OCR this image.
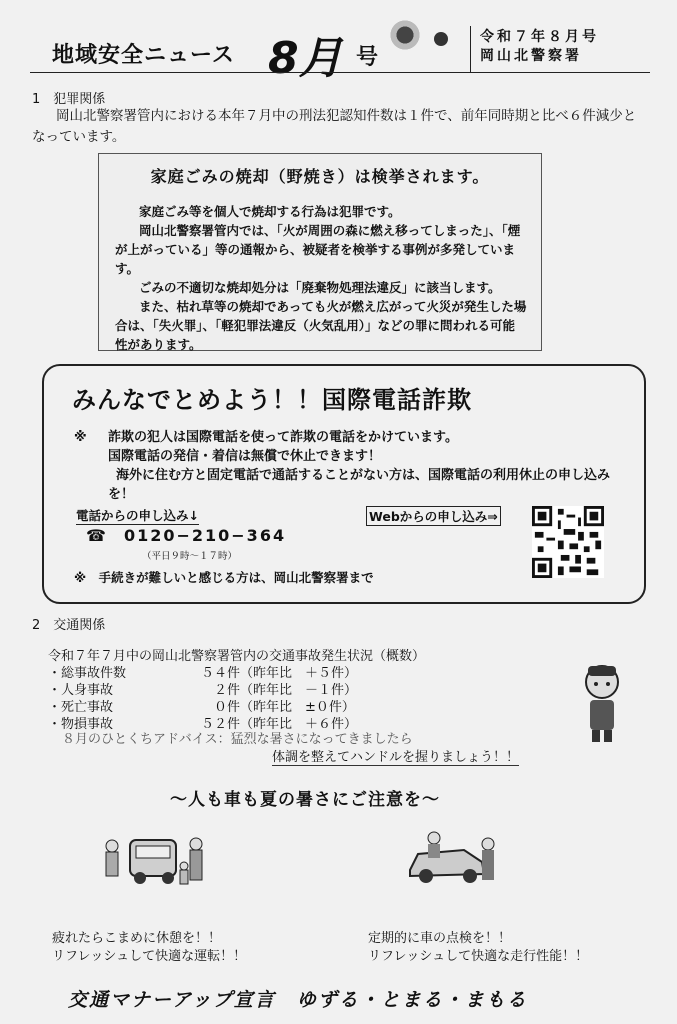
地域安全ニュース 8月 号
令和７年８月号
岡山北警察署
1　犯罪関係
岡山北警察署管内における本年７月中の刑法犯認知件数は１件で、前年同時期と比べ６件減少となっています。
家庭ごみの焼却（野焼き）は検挙されます。
家庭ごみ等を個人で焼却する行為は犯罪です。
岡山北警察署管内では、「火が周囲の森に燃え移ってしまった」、「煙が上がっている」等の通報から、被疑者を検挙する事例が多発しています。
ごみの不適切な焼却処分は「廃棄物処理法違反」に該当します。
また、枯れ草等の焼却であっても火が燃え広がって火災が発生した場合は、「失火罪」、「軽犯罪法違反（火気乱用）」などの罪に問われる可能性があります。
みんなでとめよう！！国際電話詐欺
※	詐欺の犯人は国際電話を使って詐欺の電話をかけています。
国際電話の発信・着信は無償で休止できます！
海外に住む方と固定電話で通話することがない方は、国際電話の利用休止の申し込みを！
電話からの申し込み↓	Webからの申し込み⇒
☎ 0120−210−364
（平日９時〜１７時）
※　手続きが難しいと感じる方は、岡山北警察署まで
2　交通関係
令和７年７月中の岡山北警察署管内の交通事故発生状況（概数）
・総事故件数	５４件（昨年比　＋５件）
・人身事故	２件（昨年比　－１件）
・死亡事故	０件（昨年比　±０件）
・物損事故	５２件（昨年比　＋６件）
８月のひとくちアドバイス：猛烈な暑さになってきましたら
体調を整えてハンドルを握りましょう！！
〜人も車も夏の暑さにご注意を〜
疲れたらこまめに休憩を！！
リフレッシュして快適な運転！！
定期的に車の点検を！！
リフレッシュして快適な走行性能！！
交通マナーアップ宣言　ゆずる・とまる・まもる
